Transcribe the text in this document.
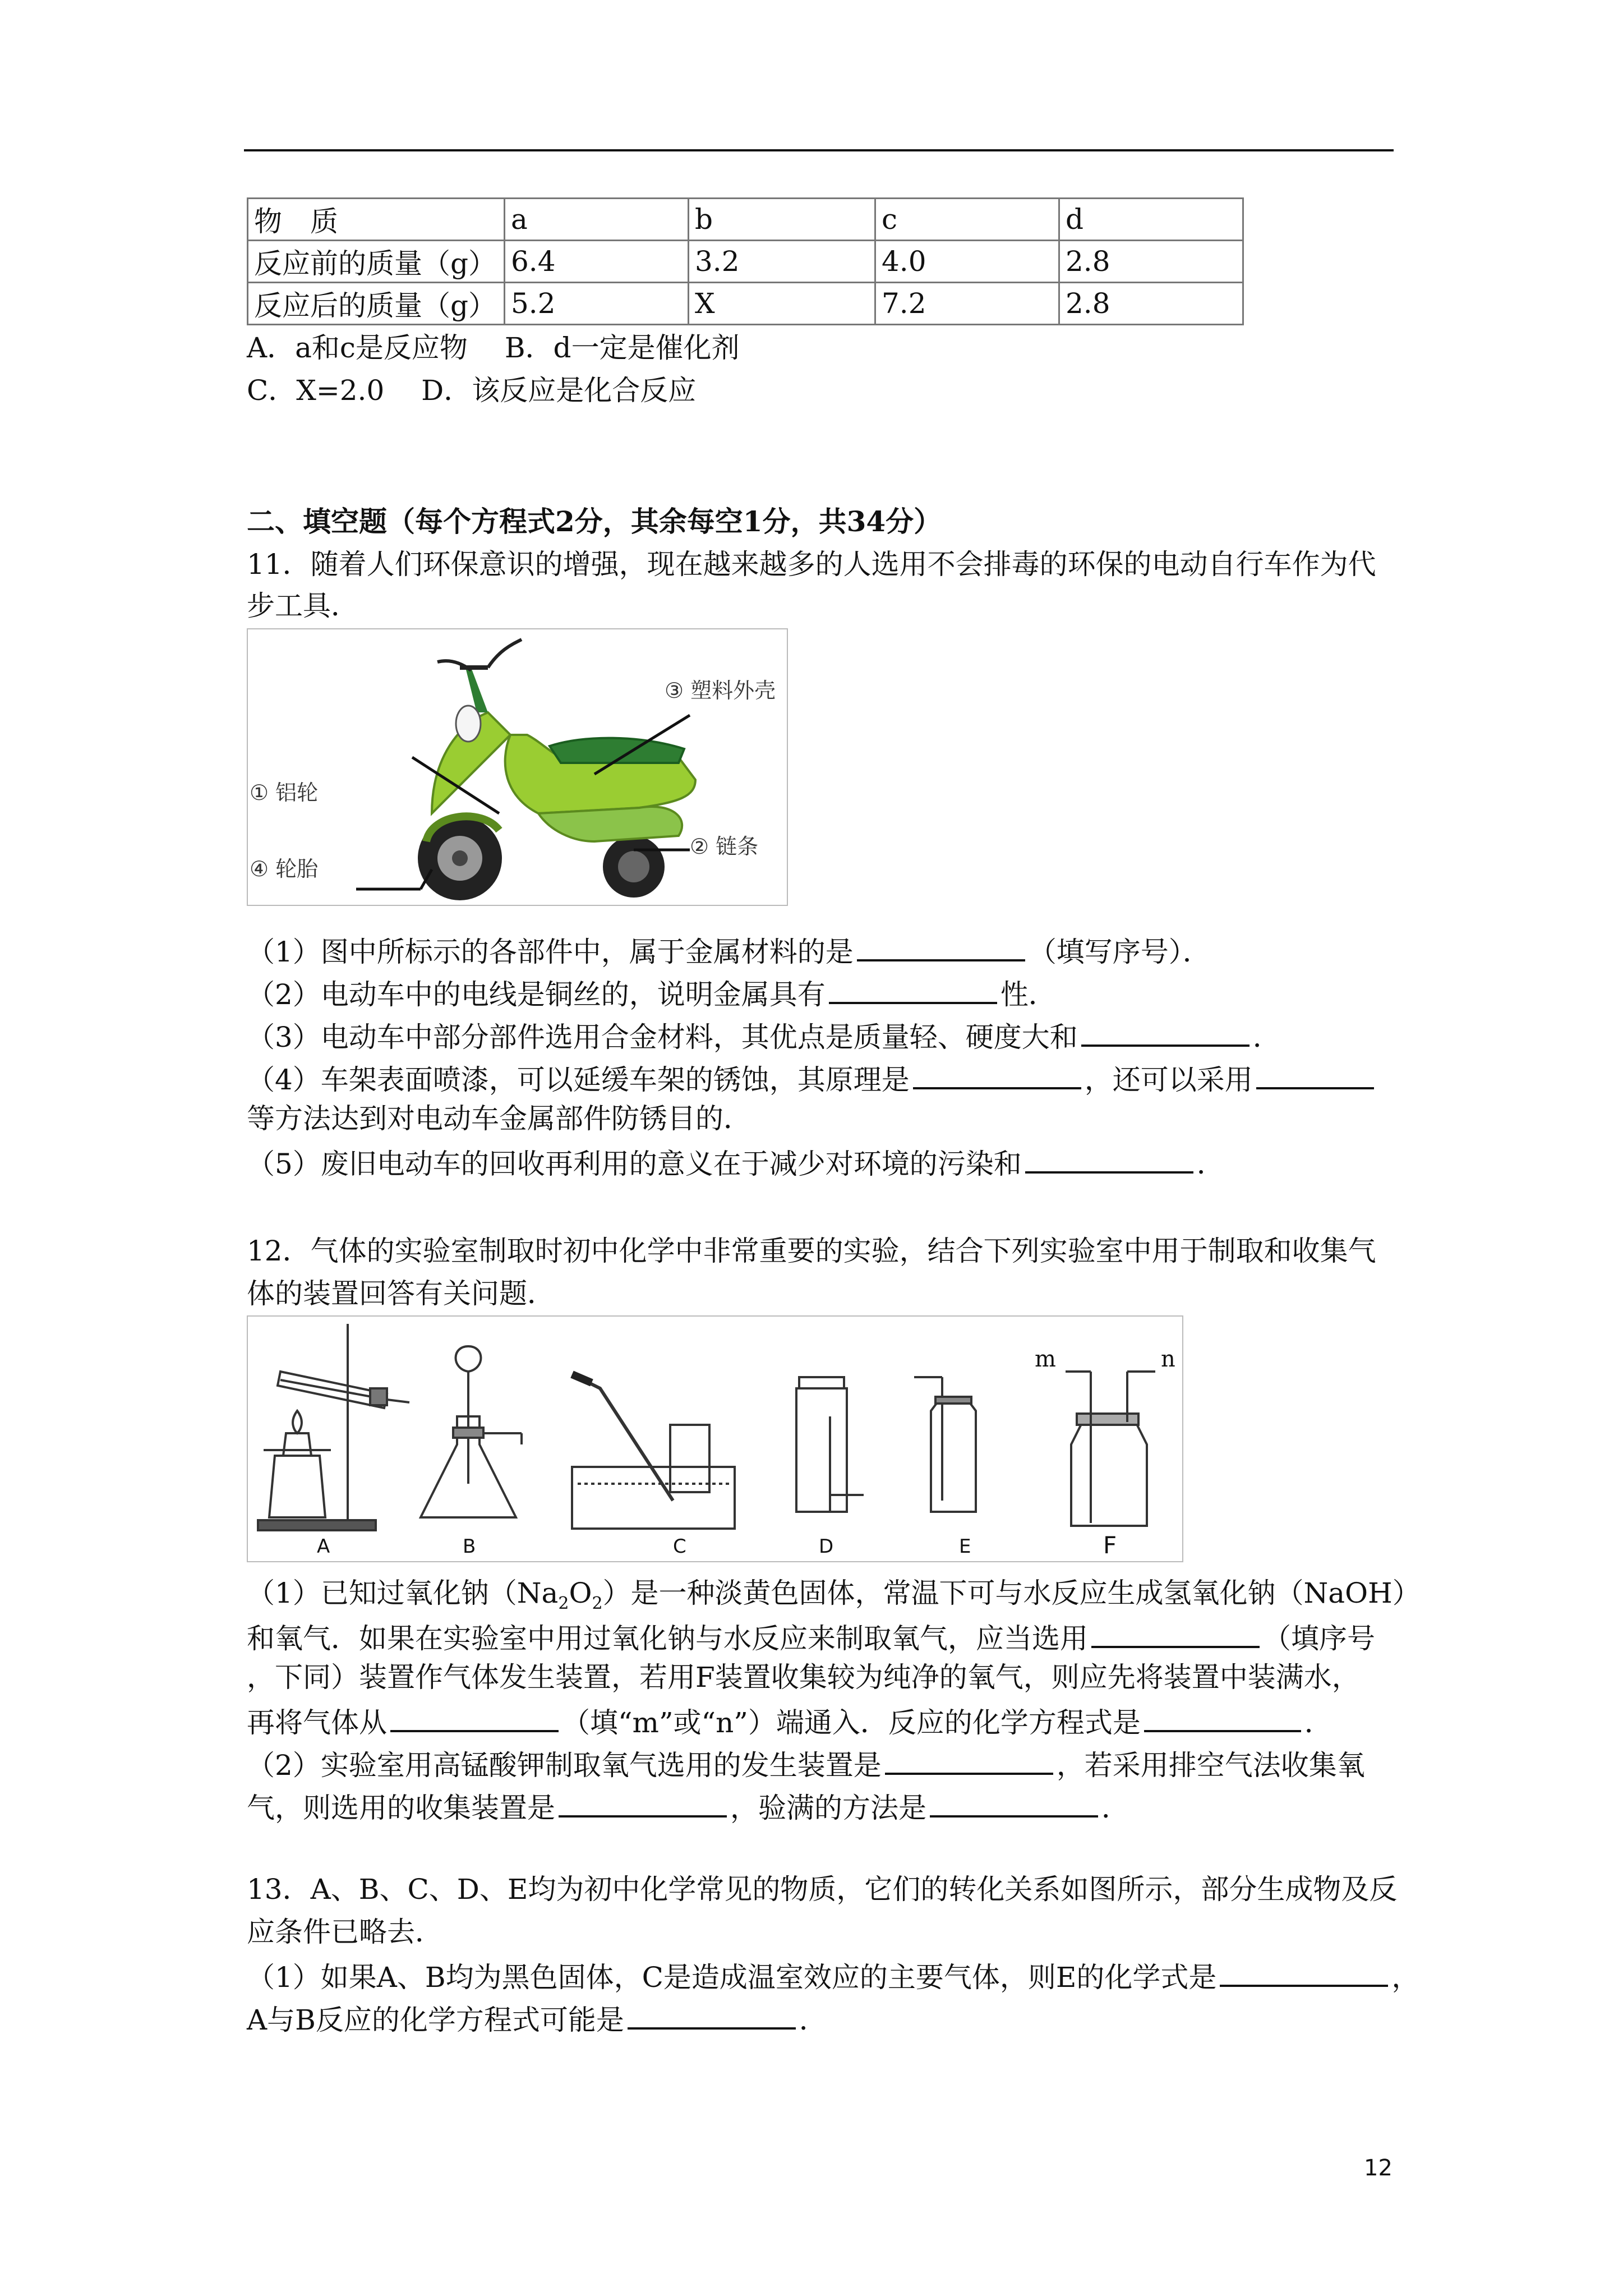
物　质	a	b	c	d
反应前的质量（g）	6.4	3.2	4.0	2.8
反应后的质量（g）	5.2	X	7.2	2.8
A．a和c是反应物　 B．d一定是催化剂
C．X=2.0　 D．该反应是化合反应
二、填空题（每个方程式2分，其余每空1分，共34分）
11．随着人们环保意识的增强，现在越来越多的人选用不会排毒的环保的电动自行车作为代
步工具．
① 铝轮
② 链条
③ 塑料外壳
④ 轮胎
（1）图中所标示的各部件中，属于金属材料的是	（填写序号）．
（2）电动车中的电线是铜丝的，说明金属具有	性．
（3）电动车中部分部件选用合金材料，其优点是质量轻、硬度大和	．
（4）车架表面喷漆，可以延缓车架的锈蚀，其原理是	，还可以采用
等方法达到对电动车金属部件防锈目的．
（5）废旧电动车的回收再利用的意义在于减少对环境的污染和	．
12．气体的实验室制取时初中化学中非常重要的实验，结合下列实验室中用于制取和收集气
体的装置回答有关问题．
m	n
A	B	C	D	E	F
（1）已知过氧化钠$(Na_2O_2)$是一种淡黄色固体，常温下可与水反应生成氢氧化钠（NaOH）
和氧气．如果在实验室中用过氧化钠与水反应来制取氧气，应当选用	（填序号
，下同）装置作气体发生装置，若用F装置收集较为纯净的氧气，则应先将装置中装满水，
再将气体从	（填“m”或“n”）端通入．反应的化学方程式是	．
（2）实验室用高锰酸钾制取氧气选用的发生装置是	，若采用排空气法收集氧
气，则选用的收集装置是	，验满的方法是	．
13．A、B、C、D、E均为初中化学常见的物质，它们的转化关系如图所示，部分生成物及反
应条件已略去．
（1）如果A、B均为黑色固体，C是造成温室效应的主要气体，则E的化学式是	，
A与B反应的化学方程式可能是	．
12
